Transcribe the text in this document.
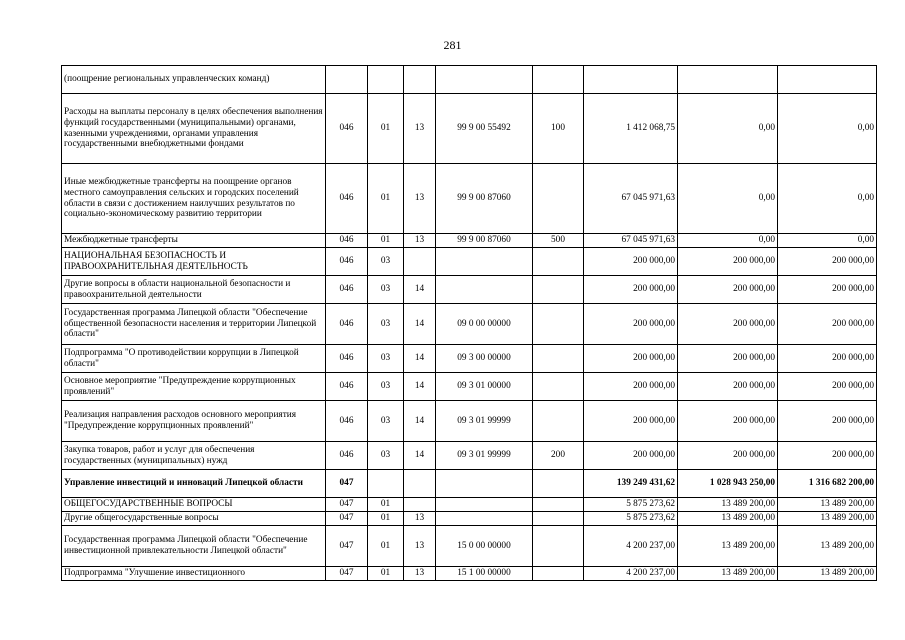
281
(поощрение региональных управленческих команд)								
Расходы на выплаты персоналу в целях обеспечения выполнения функций государственными (муниципальными) органами, казенными учреждениями, органами управления государственными внебюджетными фондами	046	01	13	99 9 00 55492	100	1 412 068,75	0,00	0,00
Иные межбюджетные трансферты на поощрение органов местного самоуправления сельских и городских поселений области в связи с достижением наилучших результатов по социально-экономическому развитию территории	046	01	13	99 9 00 87060		67 045 971,63	0,00	0,00
Межбюджетные трансферты	046	01	13	99 9 00 87060	500	67 045 971,63	0,00	0,00
НАЦИОНАЛЬНАЯ БЕЗОПАСНОСТЬ И ПРАВООХРАНИТЕЛЬНАЯ ДЕЯТЕЛЬНОСТЬ	046	03				200 000,00	200 000,00	200 000,00
Другие вопросы в области национальной безопасности и правоохранительной деятельности	046	03	14			200 000,00	200 000,00	200 000,00
Государственная программа Липецкой области "Обеспечение общественной безопасности населения и территории Липецкой области"	046	03	14	09 0 00 00000		200 000,00	200 000,00	200 000,00
Подпрограмма "О противодействии коррупции в Липецкой области"	046	03	14	09 3 00 00000		200 000,00	200 000,00	200 000,00
Основное мероприятие "Предупреждение коррупционных проявлений"	046	03	14	09 3 01 00000		200 000,00	200 000,00	200 000,00
Реализация направления расходов основного мероприятия "Предупреждение коррупционных проявлений"	046	03	14	09 3 01 99999		200 000,00	200 000,00	200 000,00
Закупка товаров, работ и услуг для обеспечения государственных (муниципальных) нужд	046	03	14	09 3 01 99999	200	200 000,00	200 000,00	200 000,00
Управление инвестиций и инноваций Липецкой области	047					139 249 431,62	1 028 943 250,00	1 316 682 200,00
ОБЩЕГОСУДАРСТВЕННЫЕ ВОПРОСЫ	047	01				5 875 273,62	13 489 200,00	13 489 200,00
Другие общегосударственные вопросы	047	01	13			5 875 273,62	13 489 200,00	13 489 200,00
Государственная программа Липецкой области "Обеспечение инвестиционной привлекательности Липецкой области"	047	01	13	15 0 00 00000		4 200 237,00	13 489 200,00	13 489 200,00
Подпрограмма "Улучшение инвестиционного	047	01	13	15 1 00 00000		4 200 237,00	13 489 200,00	13 489 200,00
